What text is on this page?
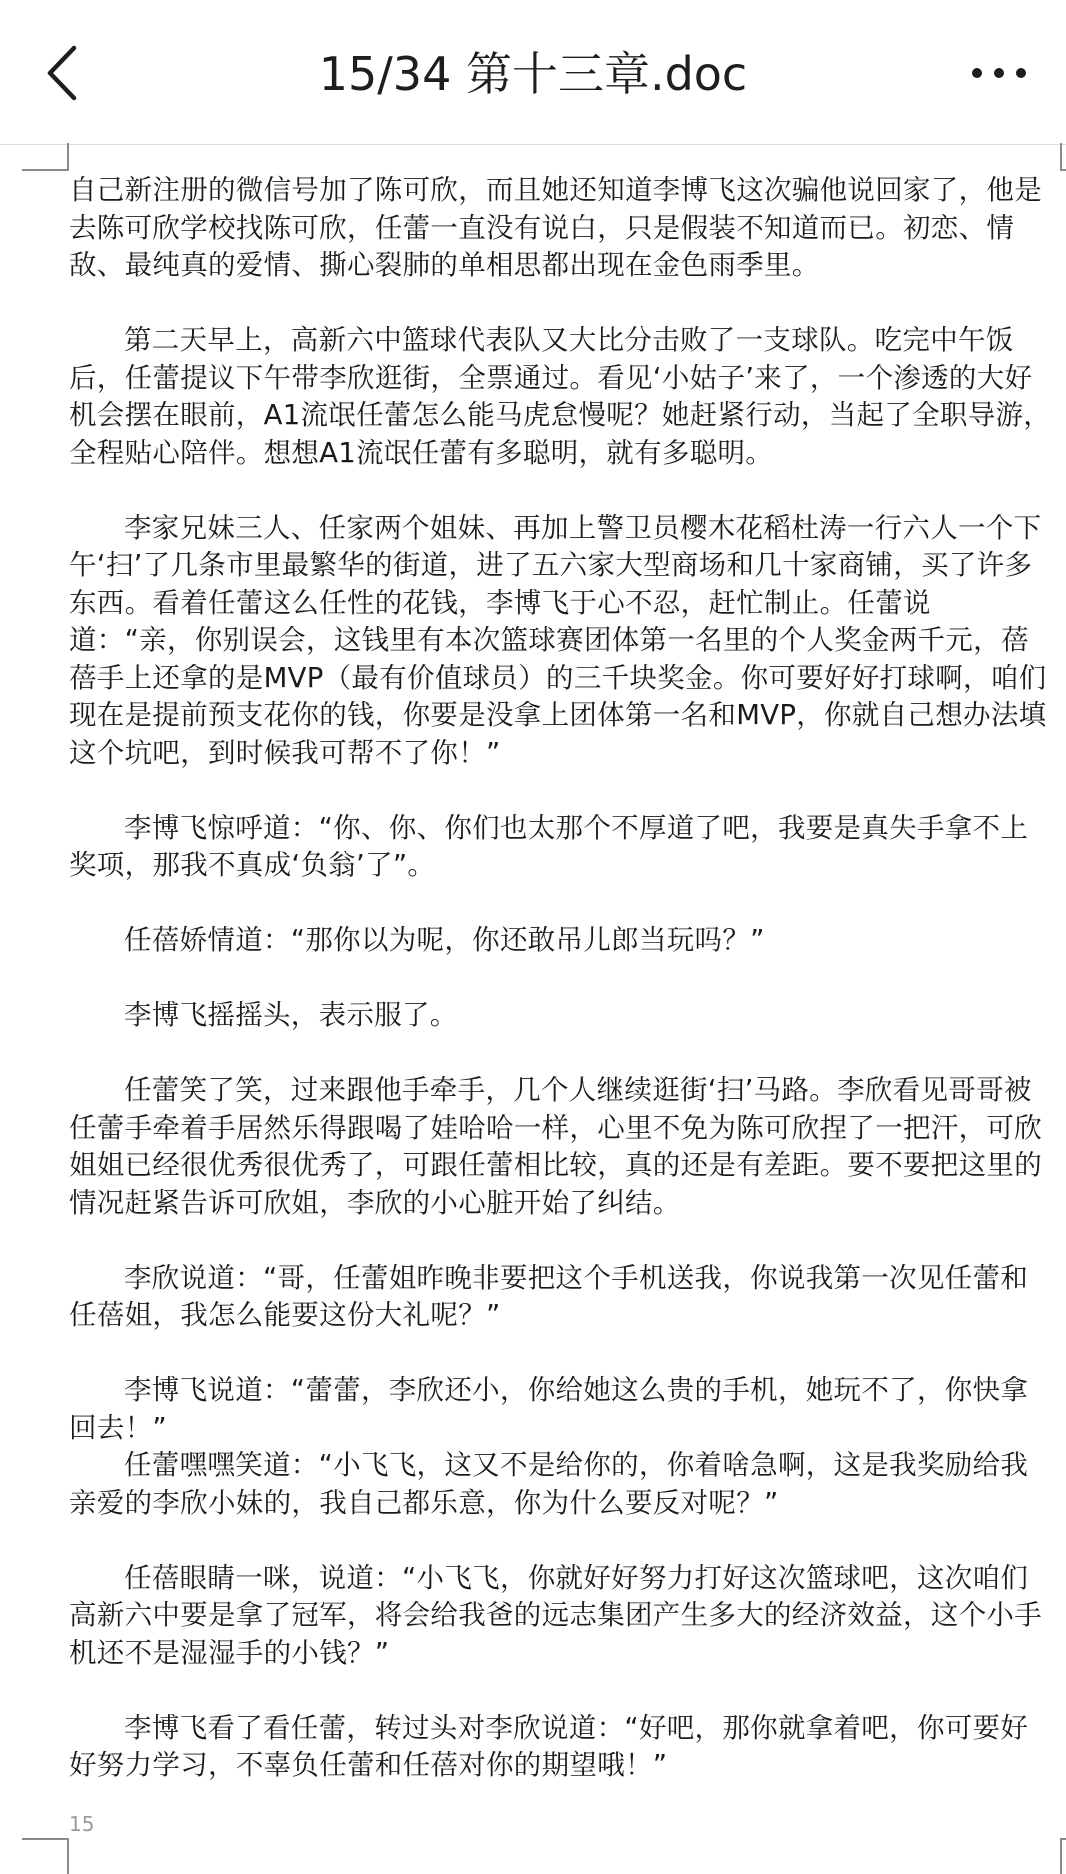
15/34 第十三章.doc

自己新注册的微信号加了陈可欣，而且她还知道李博飞这次骗他说回家了，他是去陈可欣学校找陈可欣，任蕾一直没有说白，只是假装不知道而已。初恋、情敌、最纯真的爱情、撕心裂肺的单相思都出现在金色雨季里。

第二天早上，高新六中篮球代表队又大比分击败了一支球队。吃完中午饭后，任蕾提议下午带李欣逛街，全票通过。看见‘小姑子’来了，一个渗透的大好机会摆在眼前，A1流氓任蕾怎么能马虎怠慢呢？她赶紧行动，当起了全职导游，全程贴心陪伴。想想A1流氓任蕾有多聪明，就有多聪明。

李家兄妹三人、任家两个姐妹、再加上警卫员樱木花稻杜涛一行六人一个下午‘扫’了几条市里最繁华的街道，进了五六家大型商场和几十家商铺，买了许多东西。看着任蕾这么任性的花钱，李博飞于心不忍，赶忙制止。任蕾说道：“亲，你别误会，这钱里有本次篮球赛团体第一名里的个人奖金两千元，蓓蓓手上还拿的是MVP（最有价值球员）的三千块奖金。你可要好好打球啊，咱们现在是提前预支花你的钱，你要是没拿上团体第一名和MVP，你就自己想办法填这个坑吧，到时候我可帮不了你！”

李博飞惊呼道：“你、你、你们也太那个不厚道了吧，我要是真失手拿不上奖项，那我不真成‘负翁’了”。

任蓓娇情道：“那你以为呢，你还敢吊儿郎当玩吗？”

李博飞摇摇头，表示服了。

任蕾笑了笑，过来跟他手牵手，几个人继续逛街‘扫’马路。李欣看见哥哥被任蕾手牵着手居然乐得跟喝了娃哈哈一样，心里不免为陈可欣捏了一把汗，可欣姐姐已经很优秀很优秀了，可跟任蕾相比较，真的还是有差距。要不要把这里的情况赶紧告诉可欣姐，李欣的小心脏开始了纠结。

李欣说道：“哥，任蕾姐昨晚非要把这个手机送我，你说我第一次见任蕾和任蓓姐，我怎么能要这份大礼呢？”

李博飞说道：“蕾蕾，李欣还小，你给她这么贵的手机，她玩不了，你快拿回去！”

任蕾嘿嘿笑道：“小飞飞，这又不是给你的，你着啥急啊，这是我奖励给我亲爱的李欣小妹的，我自己都乐意，你为什么要反对呢？”

任蓓眼睛一咪，说道：“小飞飞，你就好好努力打好这次篮球吧，这次咱们高新六中要是拿了冠军，将会给我爸的远志集团产生多大的经济效益，这个小手机还不是湿湿手的小钱？”

李博飞看了看任蕾，转过头对李欣说道：“好吧，那你就拿着吧，你可要好好努力学习，不辜负任蕾和任蓓对你的期望哦！”

15
